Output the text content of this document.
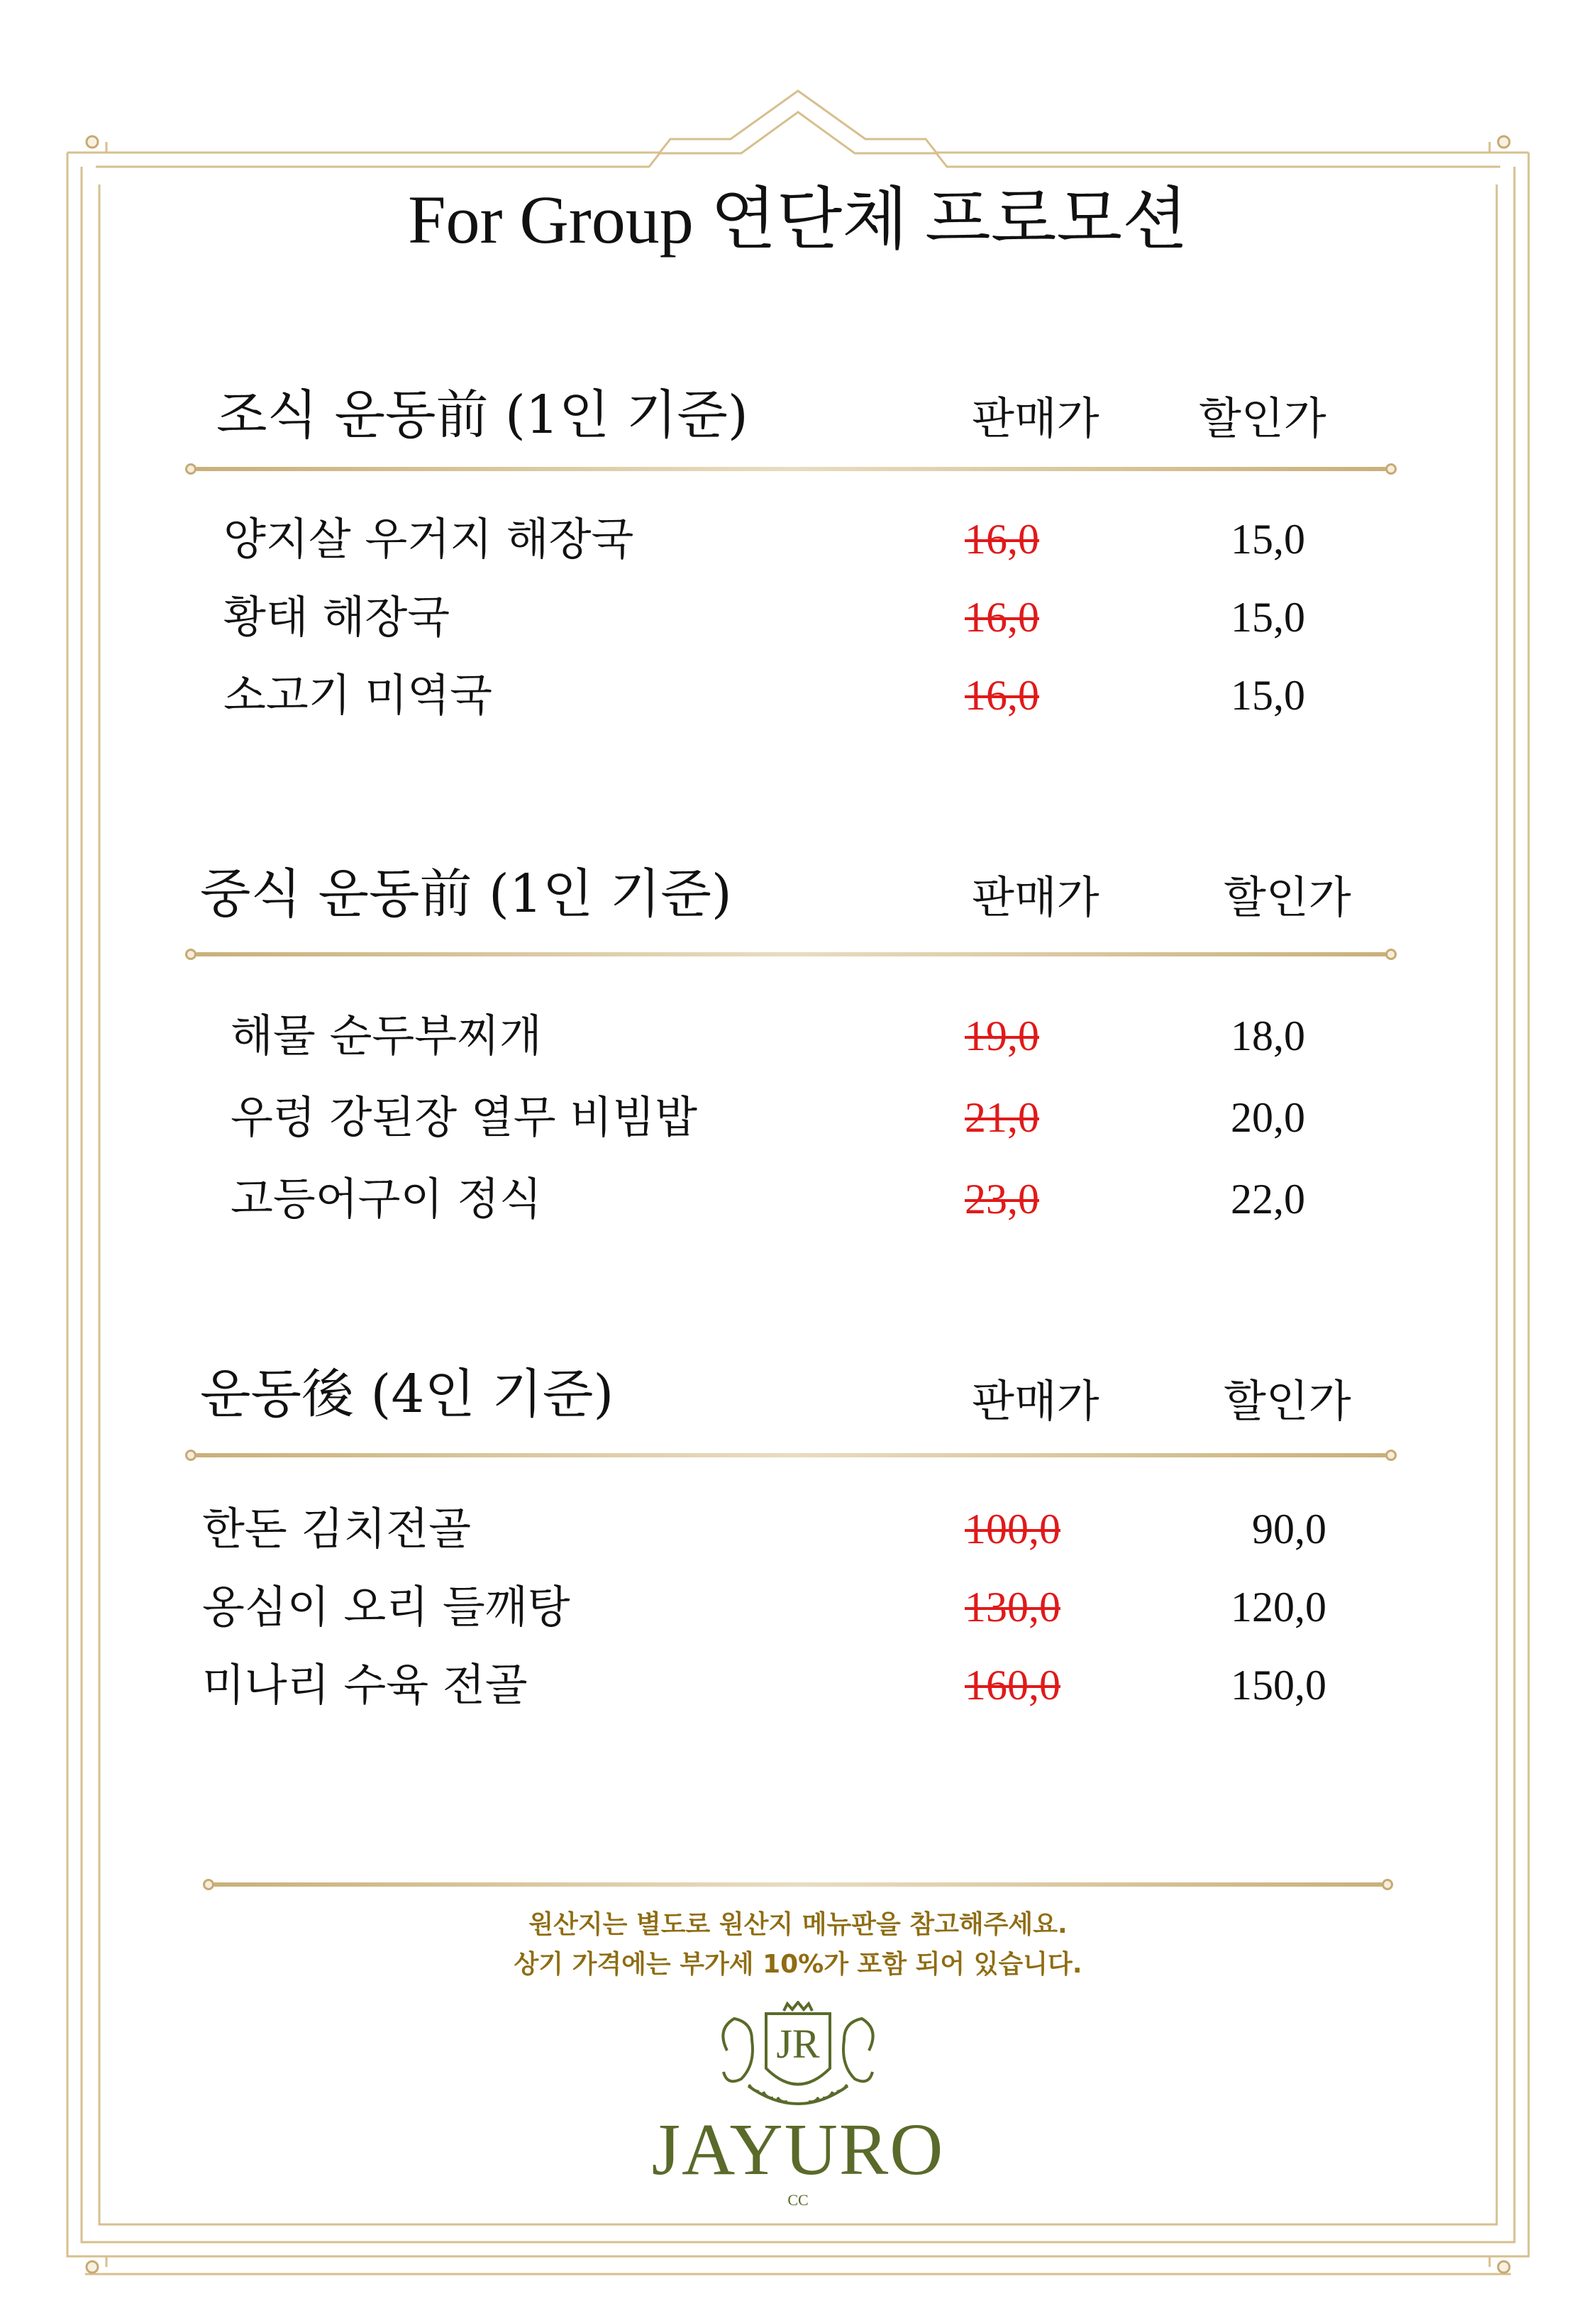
For Group 연단체 프로모션
조식 운동前 (1인 기준)	판매가 할인가
양지살 우거지 해장국	16,0	15,0
황태 해장국	16,0	15,0
소고기 미역국	16,0	15,0
중식 운동前 (1인 기준)	판매가	할인가
해물 순두부찌개	19,0	18,0
우렁 강된장 열무 비빔밥	21,0	20,0
고등어구이 정식	23,0	22,0
운동後 (4인 기준)	판매가	할인가
한돈 김치전골	100,0	90,0
옹심이 오리 들깨탕	130,0	120,0
미나리 수육 전골	160,0	150,0
원산지는 별도로 원산지 메뉴판을 참고해주세요.
상기 가격에는 부가세 10%가 포함 되어 있습니다.
JR
JAYURO
CC
